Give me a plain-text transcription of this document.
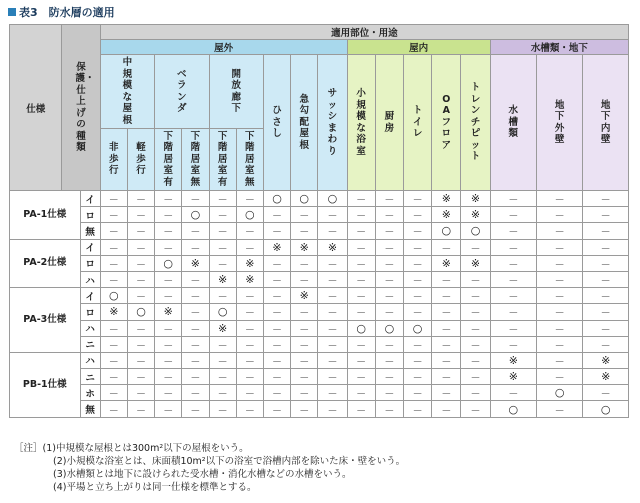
表3　防水層の適用
仕様	保護・仕上げの種類		適用部位・用途																
			屋外									屋内					水槽類・地下		
			中規模な屋根		ベランダ		開放廊下		ひさし	急勾配屋根	サッシまわり	小規模な浴室	厨房	トイレ	OAフロア	トレンチピット	水槽類	地下外壁	地下内壁
			非歩行	軽歩行	下階居室有	下階居室無	下階居室有	下階居室無											
PA-1仕様		イ	－	－	－	－	－	－	○	○	○	－	－	－	※	※	－	－	－
		ロ	－	－	－	○	－	○	－	－	－	－	－	－	※	※	－	－	－
		無	－	－	－	－	－	－	－	－	－	－	－	－	○	○	－	－	－
PA-2仕様		イ	－	－	－	－	－	－	※	※	※	－	－	－	－	－	－	－	－
		ロ	－	－	○	※	－	※	－	－	－	－	－	－	※	※	－	－	－
		ハ	－	－	－	－	※	※	－	－	－	－	－	－	－	－	－	－	－
PA-3仕様		イ	○	－	－	－	－	－	－	※	－	－	－	－	－	－	－	－	－
		ロ	※	○	※	－	○	－	－	－	－	－	－	－	－	－	－	－	－
		ハ	－	－	－	－	※	－	－	－	－	○	○	○	－	－	－	－	－
		ニ	－	－	－	－	－	－	－	－	－	－	－	－	－	－	－	－	－
PB-1仕様		ハ	－	－	－	－	－	－	－	－	－	－	－	－	－	－	※	－	※
		ニ	－	－	－	－	－	－	－	－	－	－	－	－	－	－	※	－	※
		ホ	－	－	－	－	－	－	－	－	－	－	－	－	－	－	－	○	－
		無	－	－	－	－	－	－	－	－	－	－	－	－	－	－	○	－	○
［注］(1)中規模な屋根とは300m²以下の屋根をいう。
(2)小規模な浴室とは、床面積10m²以下の浴室で浴槽内部を除いた床・壁をいう。
(3)水槽類とは地下に設けられた受水槽・消化水槽などの水槽をいう。
(4)平場と立ち上がりは同一仕様を標準とする。
